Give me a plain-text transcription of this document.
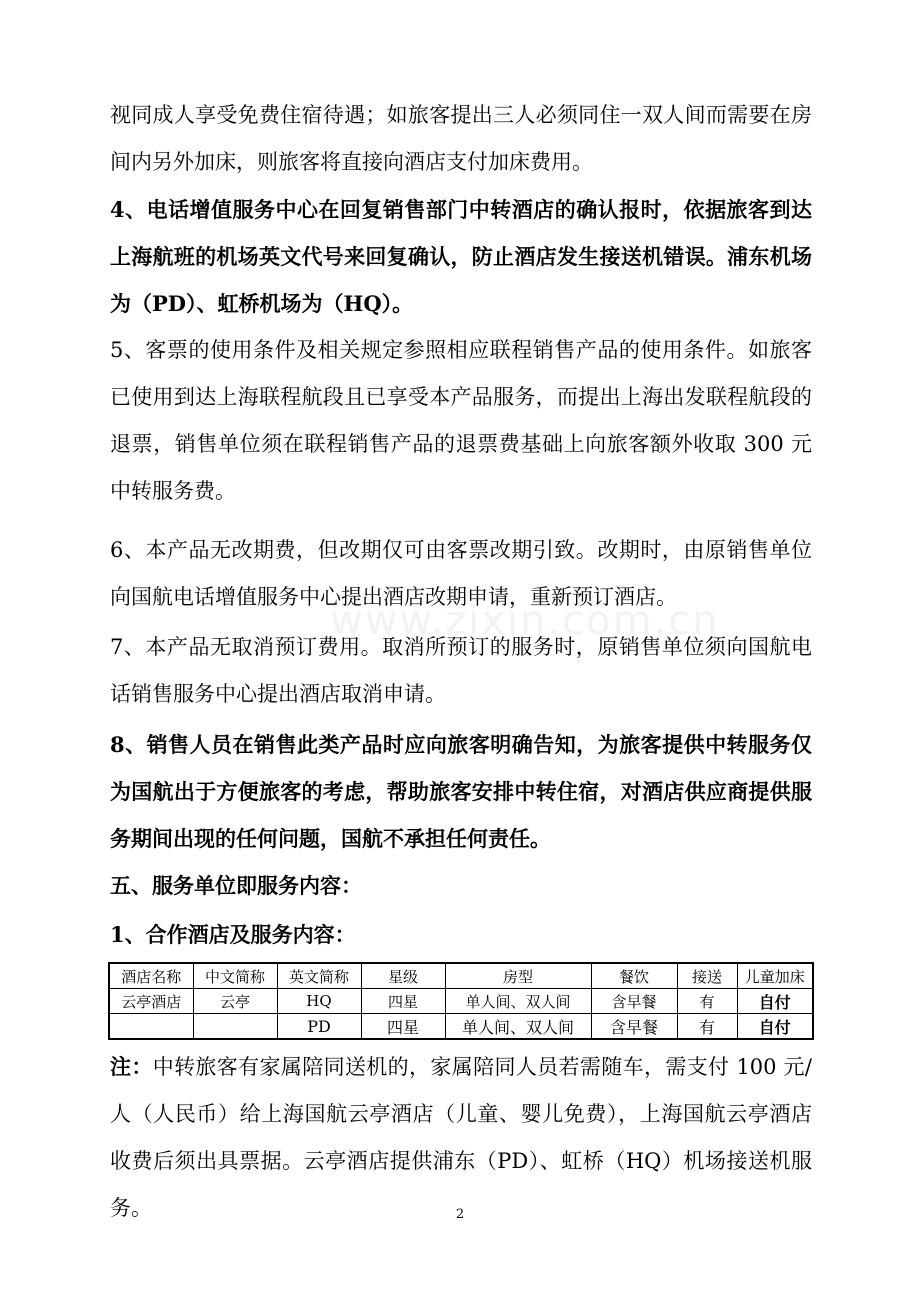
www.zixin.com.cn

视同成人享受免费住宿待遇；如旅客提出三人必须同住一双人间而需要在房间内另外加床，则旅客将直接向酒店支付加床费用。

4、电话增值服务中心在回复销售部门中转酒店的确认报时，依据旅客到达上海航班的机场英文代号来回复确认，防止酒店发生接送机错误。浦东机场为（PD）、虹桥机场为（HQ）。

5、客票的使用条件及相关规定参照相应联程销售产品的使用条件。如旅客已使用到达上海联程航段且已享受本产品服务，而提出上海出发联程航段的退票，销售单位须在联程销售产品的退票费基础上向旅客额外收取 300 元中转服务费。

6、本产品无改期费，但改期仅可由客票改期引致。改期时，由原销售单位向国航电话增值服务中心提出酒店改期申请，重新预订酒店。

7、本产品无取消预订费用。取消所预订的服务时，原销售单位须向国航电话销售服务中心提出酒店取消申请。

8、销售人员在销售此类产品时应向旅客明确告知，为旅客提供中转服务仅为国航出于方便旅客的考虑，帮助旅客安排中转住宿，对酒店供应商提供服务期间出现的任何问题，国航不承担任何责任。

五、服务单位即服务内容：

1、合作酒店及服务内容：

酒店名称	中文简称	英文简称	星级	房型	餐饮	接送	儿童加床
云亭酒店	云亭	HQ	四星	单人间、双人间	含早餐	有	自付
		PD	四星	单人间、双人间	含早餐	有	自付

注：中转旅客有家属陪同送机的，家属陪同人员若需随车，需支付 100 元/人（人民币）给上海国航云亭酒店（儿童、婴儿免费），上海国航云亭酒店收费后须出具票据。云亭酒店提供浦东（PD）、虹桥（HQ）机场接送机服务。	2
